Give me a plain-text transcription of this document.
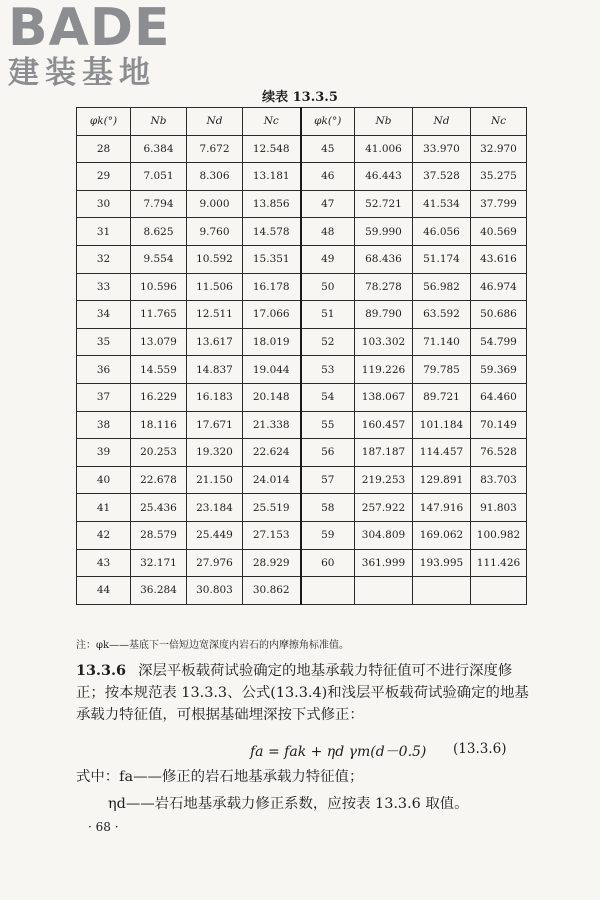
BADE
建装基地
续表 13.3.5
φk(°)	Nb	Nd	Nc	φk(°)	Nb	Nd	Nc
28	6.384	7.672	12.548	45	41.006	33.970	32.970
29	7.051	8.306	13.181	46	46.443	37.528	35.275
30	7.794	9.000	13.856	47	52.721	41.534	37.799
31	8.625	9.760	14.578	48	59.990	46.056	40.569
32	9.554	10.592	15.351	49	68.436	51.174	43.616
33	10.596	11.506	16.178	50	78.278	56.982	46.974
34	11.765	12.511	17.066	51	89.790	63.592	50.686
35	13.079	13.617	18.019	52	103.302	71.140	54.799
36	14.559	14.837	19.044	53	119.226	79.785	59.369
37	16.229	16.183	20.148	54	138.067	89.721	64.460
38	18.116	17.671	21.338	55	160.457	101.184	70.149
39	20.253	19.320	22.624	56	187.187	114.457	76.528
40	22.678	21.150	24.014	57	219.253	129.891	83.703
41	25.436	23.184	25.519	58	257.922	147.916	91.803
42	28.579	25.449	27.153	59	304.809	169.062	100.982
43	32.171	27.976	28.929	60	361.999	193.995	111.426
44	36.284	30.803	30.862				
注：φk——基底下一倍短边宽深度内岩石的内摩擦角标准值。
13.3.6 深层平板载荷试验确定的地基承载力特征值可不进行深度修正；按本规范表 13.3.3、公式(13.3.4)和浅层平板载荷试验确定的地基承载力特征值，可根据基础埋深按下式修正：
fa = fak + ηd γm(d－0.5) (13.3.6)
式中：fa——修正的岩石地基承载力特征值；
ηd——岩石地基承载力修正系数，应按表 13.3.6 取值。
· 68 ·
